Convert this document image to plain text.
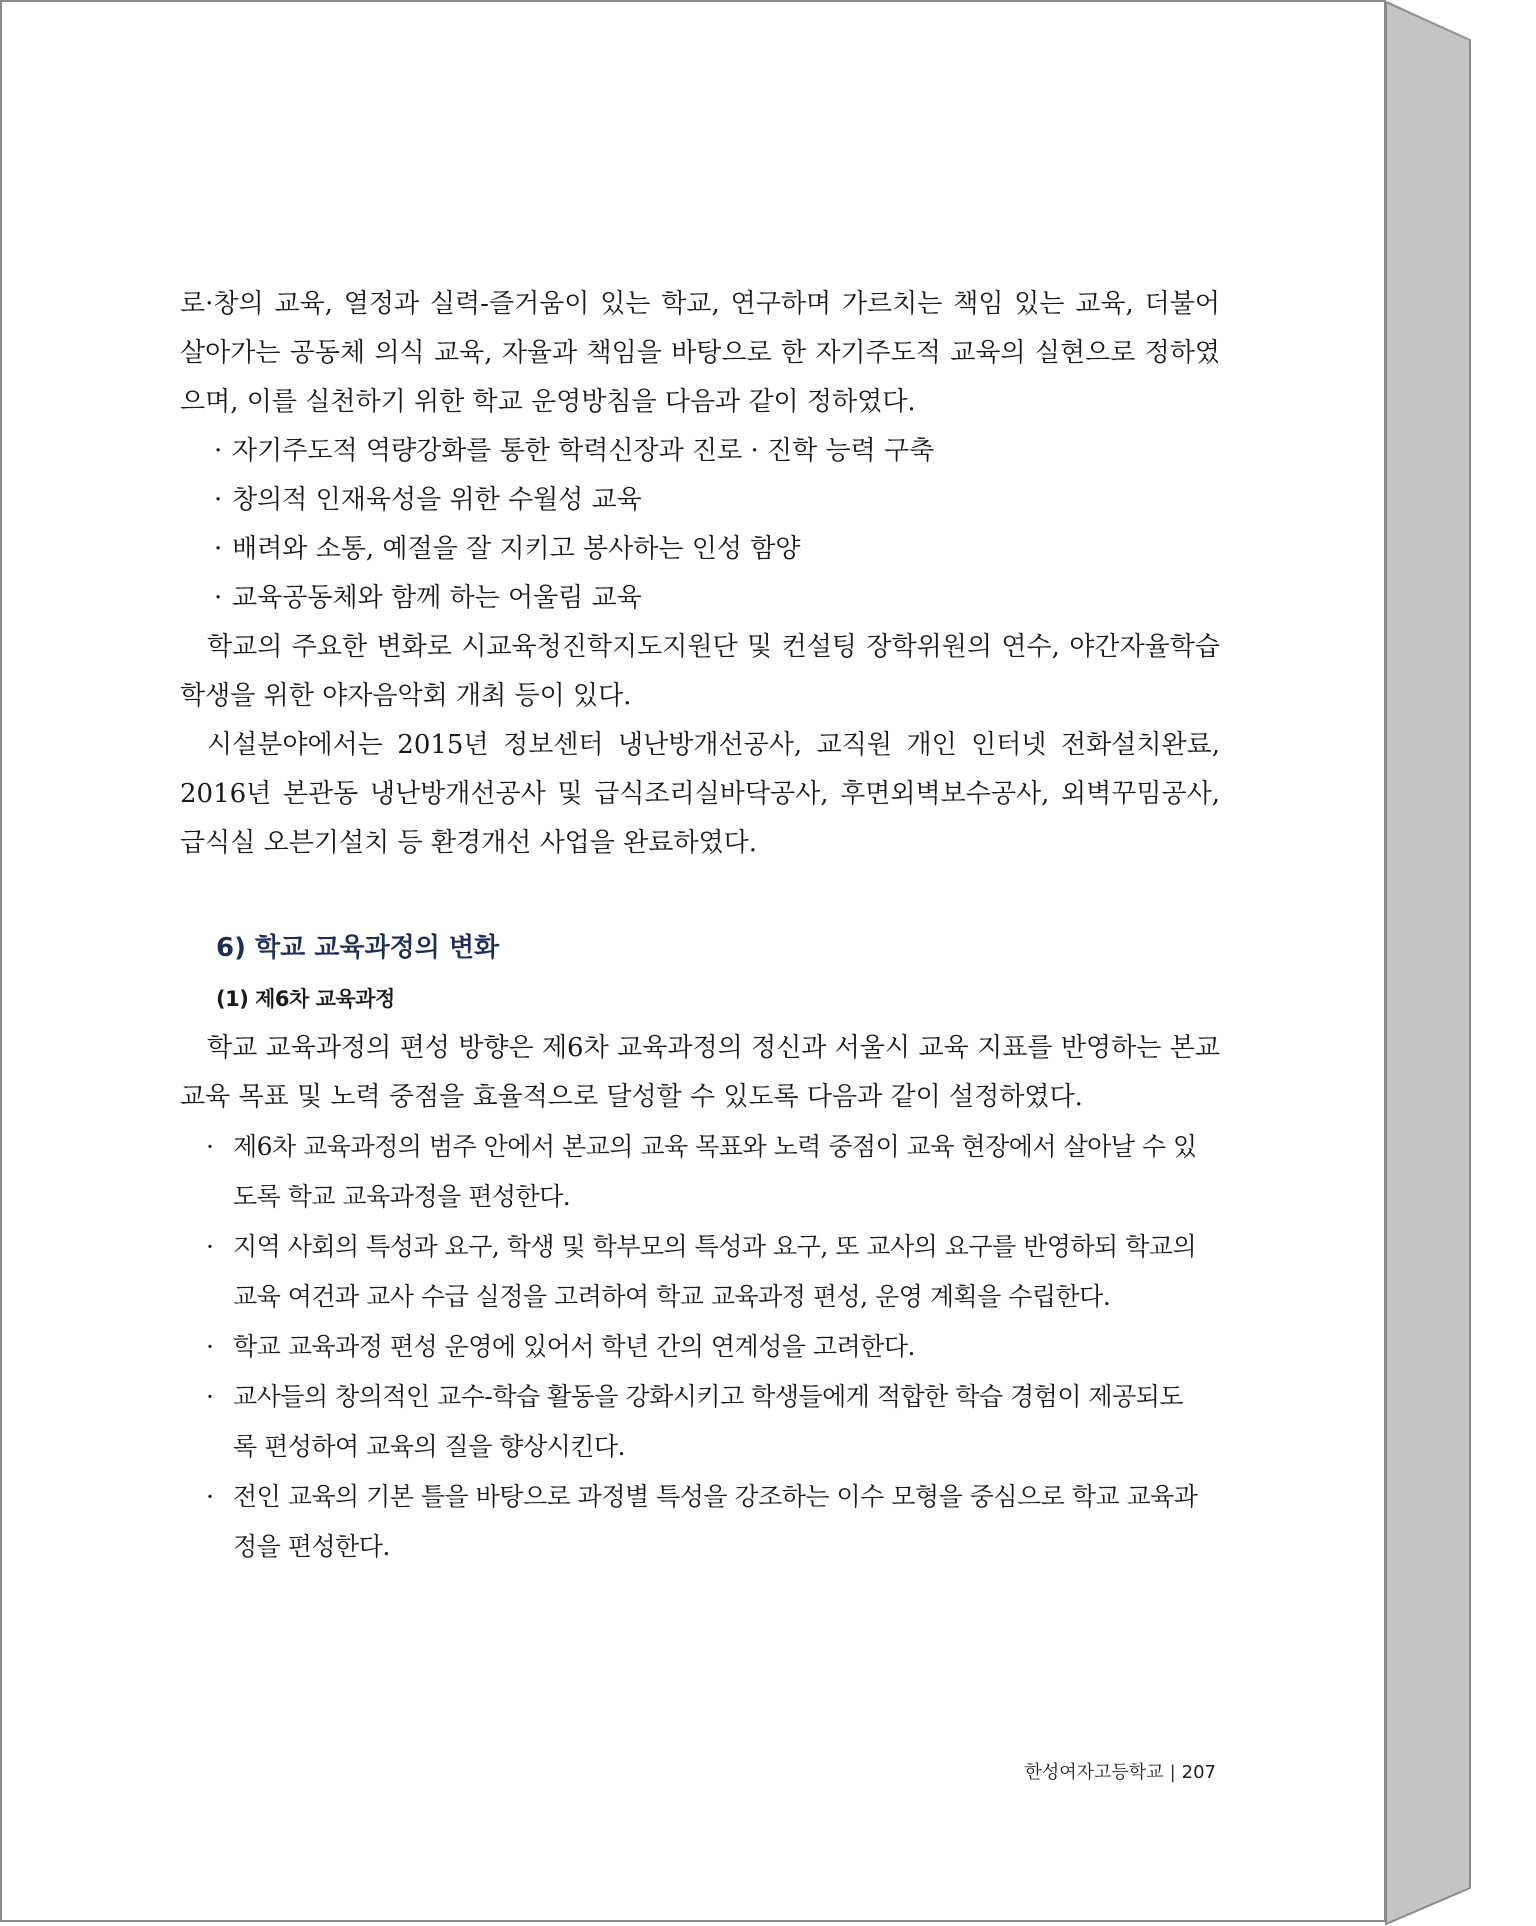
로·창의 교육, 열정과 실력-즐거움이 있는 학교, 연구하며 가르치는 책임 있는 교육, 더불어 살아가는 공동체 의식 교육, 자율과 책임을 바탕으로 한 자기주도적 교육의 실현으로 정하였으며, 이를 실천하기 위한 학교 운영방침을 다음과 같이 정하였다.

· 자기주도적 역량강화를 통한 학력신장과 진로 · 진학 능력 구축
· 창의적 인재육성을 위한 수월성 교육
· 배려와 소통, 예절을 잘 지키고 봉사하는 인성 함양
· 교육공동체와 함께 하는 어울림 교육

학교의 주요한 변화로 시교육청진학지도지원단 및 컨설팅 장학위원의 연수, 야간자율학습 학생을 위한 야자음악회 개최 등이 있다.

시설분야에서는 2015년 정보센터 냉난방개선공사, 교직원 개인 인터넷 전화설치완료, 2016년 본관동 냉난방개선공사 및 급식조리실바닥공사, 후면외벽보수공사, 외벽꾸밈공사, 급식실 오븐기설치 등 환경개선 사업을 완료하였다.

6) 학교 교육과정의 변화
(1) 제6차 교육과정

학교 교육과정의 편성 방향은 제6차 교육과정의 정신과 서울시 교육 지표를 반영하는 본교 교육 목표 및 노력 중점을 효율적으로 달성할 수 있도록 다음과 같이 설정하였다.

· 제6차 교육과정의 범주 안에서 본교의 교육 목표와 노력 중점이 교육 현장에서 살아날 수 있도록 학교 교육과정을 편성한다.
· 지역 사회의 특성과 요구, 학생 및 학부모의 특성과 요구, 또 교사의 요구를 반영하되 학교의 교육 여건과 교사 수급 실정을 고려하여 학교 교육과정 편성, 운영 계획을 수립한다.
· 학교 교육과정 편성 운영에 있어서 학년 간의 연계성을 고려한다.
· 교사들의 창의적인 교수-학습 활동을 강화시키고 학생들에게 적합한 학습 경험이 제공되도록 편성하여 교육의 질을 향상시킨다.
· 전인 교육의 기본 틀을 바탕으로 과정별 특성을 강조하는 이수 모형을 중심으로 학교 교육과정을 편성한다.
한성여자고등학교 | 207
